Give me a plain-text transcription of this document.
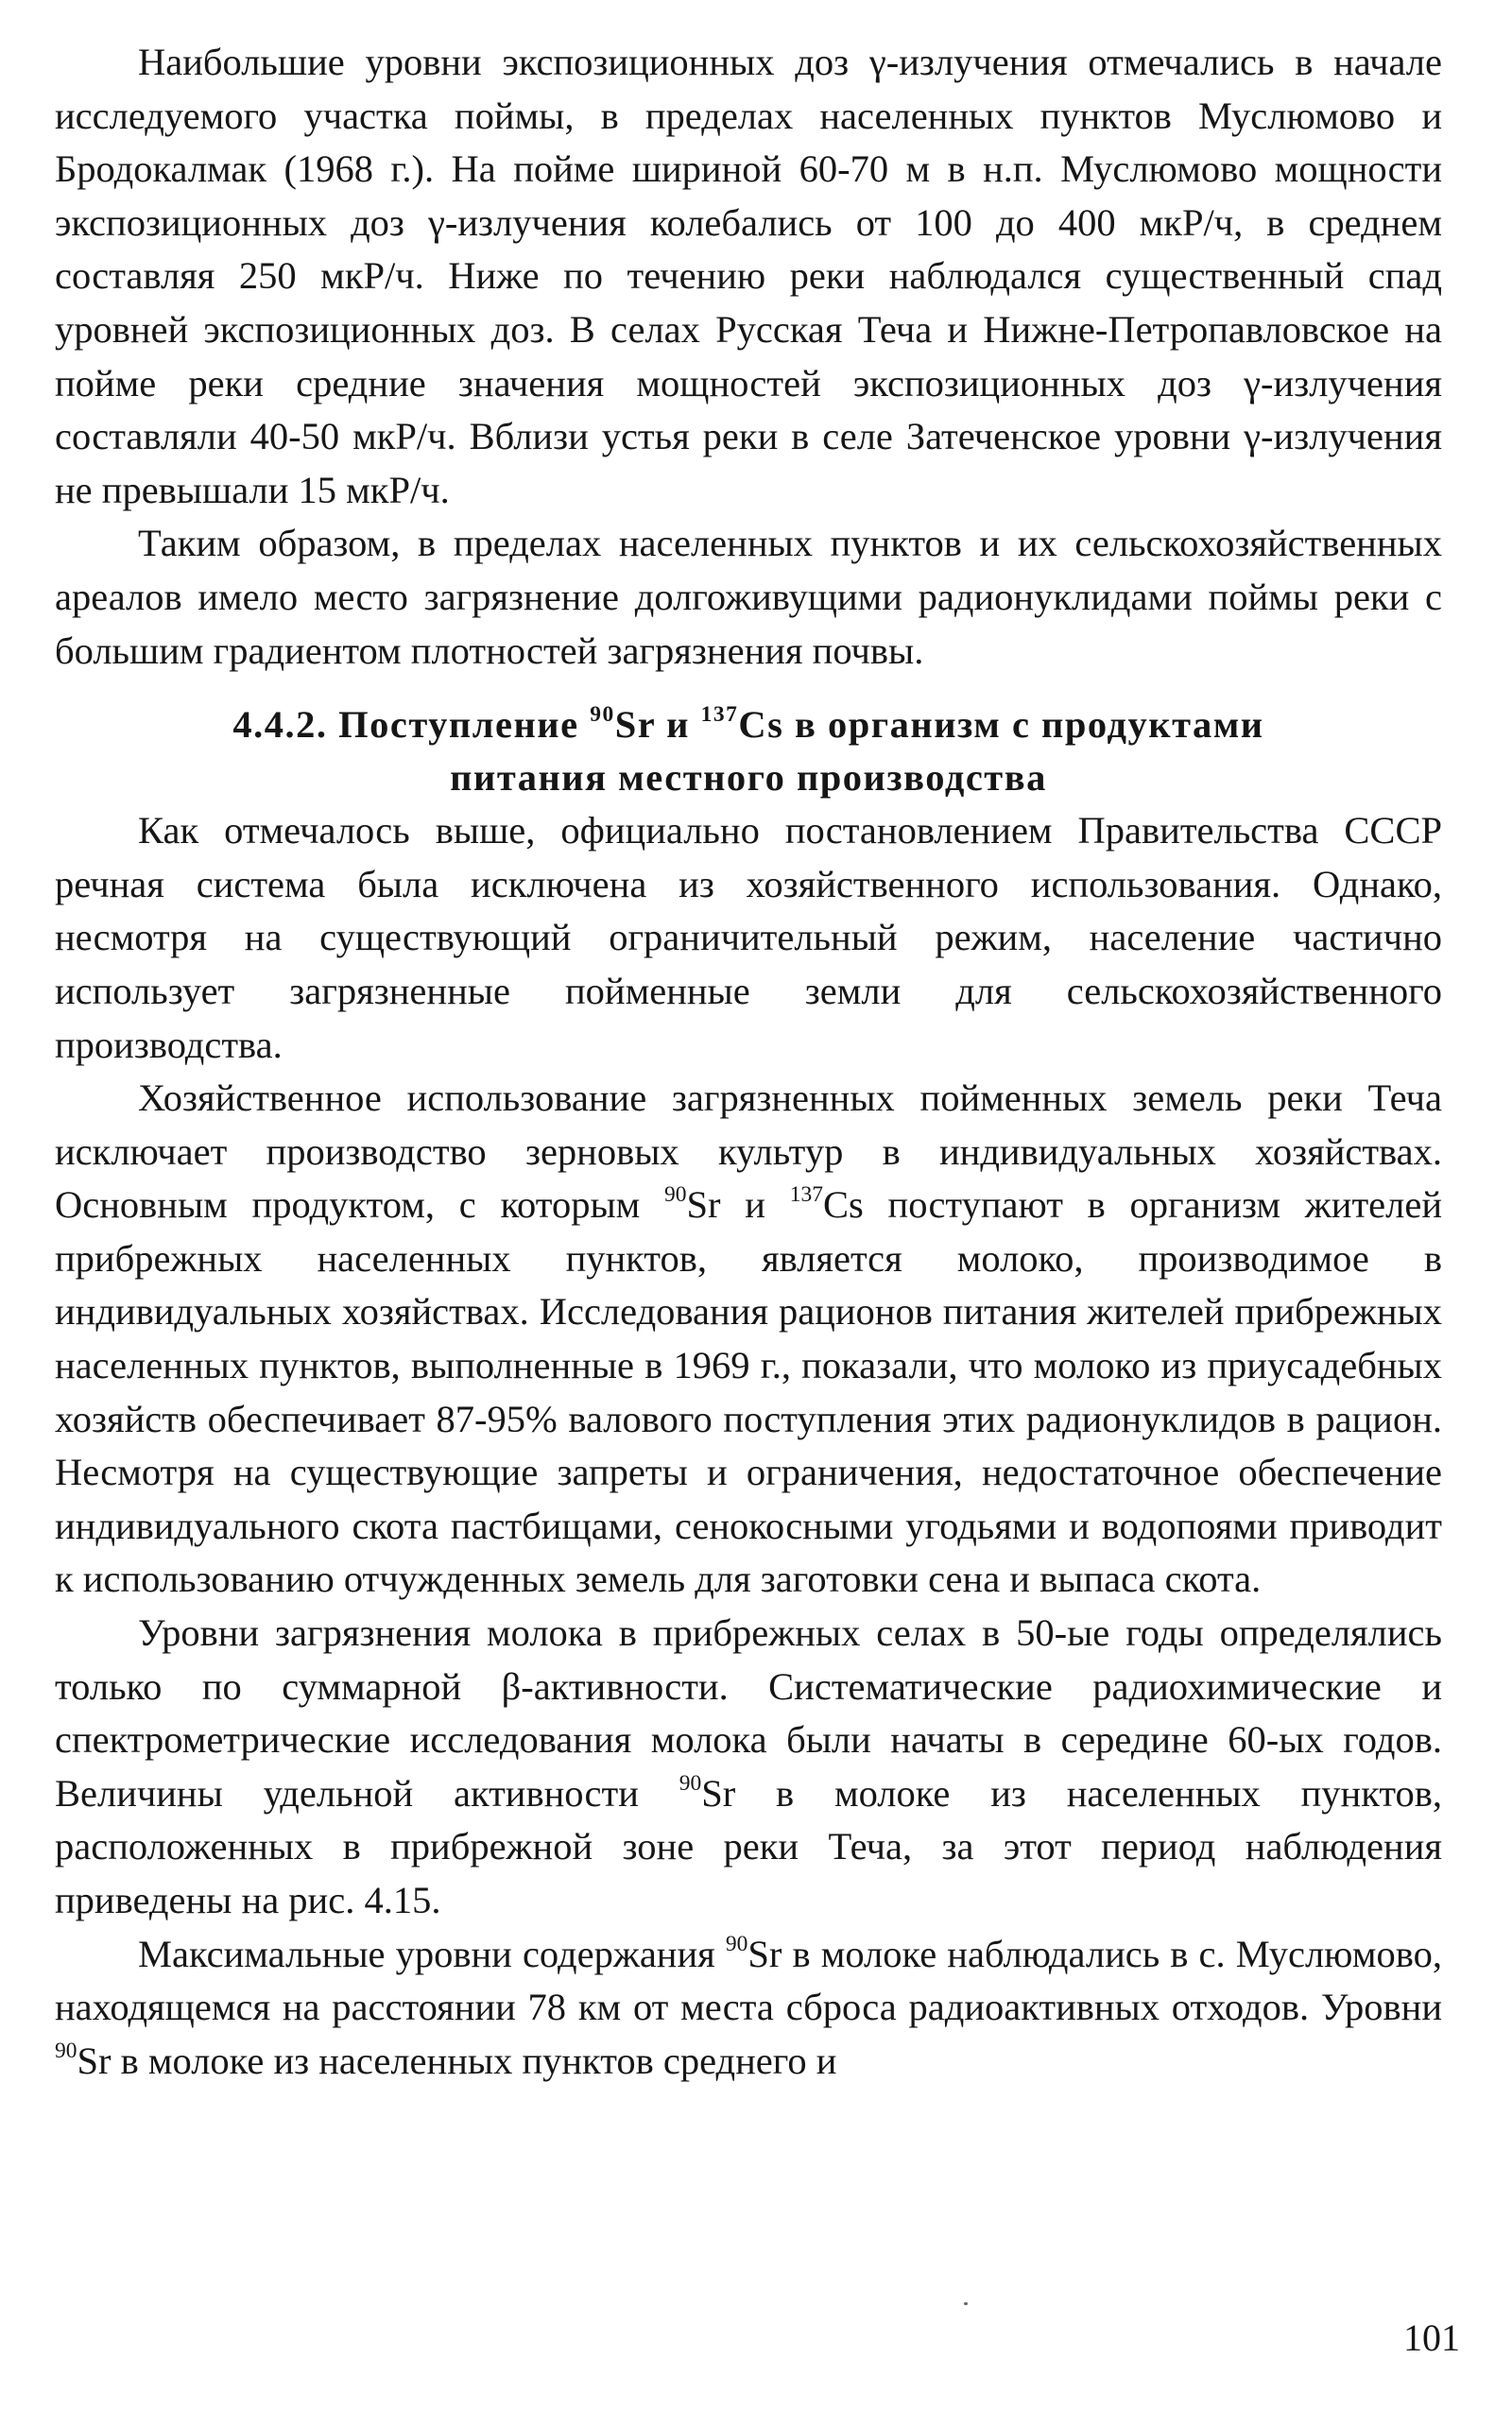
Наибольшие уровни экспозиционных доз γ-излучения отмечались в начале исследуемого участка поймы, в пределах населенных пунктов Муслюмово и Бродокалмак (1968 г.). На пойме шириной 60-70 м в н.п. Муслюмово мощности экспозиционных доз γ-излучения колебались от 100 до 400 мкР/ч, в среднем составляя 250 мкР/ч. Ниже по течению реки наблюдался существенный спад уровней экспозиционных доз. В селах Русская Теча и Нижне-Петропавловское на пойме реки средние значения мощностей экспозиционных доз γ-излучения составляли 40-50 мкР/ч. Вблизи устья реки в селе Затеченское уровни γ-излучения не превышали 15 мкР/ч.

Таким образом, в пределах населенных пунктов и их сельскохозяйственных ареалов имело место загрязнение долгоживущими радионуклидами поймы реки с большим градиентом плотностей загрязнения почвы.

4.4.2. Поступление $^{90}$Sr и $^{137}$Cs в организм с продуктами
питания местного производства

Как отмечалось выше, официально постановлением Правительства СССР речная система была исключена из хозяйственного использования. Однако, несмотря на существующий ограничительный режим, население частично использует загрязненные пойменные земли для сельскохозяйственного производства.

Хозяйственное использование загрязненных пойменных земель реки Теча исключает производство зерновых культур в индивидуальных хозяйствах. Основным продуктом, с которым $^{90}$Sr и $^{137}$Cs поступают в организм жителей прибрежных населенных пунктов, является молоко, производимое в индивидуальных хозяйствах. Исследования рационов питания жителей прибрежных населенных пунктов, выполненные в 1969 г., показали, что молоко из приусадебных хозяйств обеспечивает 87-95% валового поступления этих радионуклидов в рацион. Несмотря на существующие запреты и ограничения, недостаточное обеспечение индивидуального скота пастбищами, сенокосными угодьями и водопоями приводит к использованию отчужденных земель для заготовки сена и выпаса скота.

Уровни загрязнения молока в прибрежных селах в 50-ые годы определялись только по суммарной β-активности. Систематические радиохимические и спектрометрические исследования молока были начаты в середине 60-ых годов. Величины удельной активности $^{90}$Sr в молоке из населенных пунктов, расположенных в прибрежной зоне реки Теча, за этот период наблюдения приведены на рис. 4.15.

Максимальные уровни содержания $^{90}$Sr в молоке наблюдались в с. Муслюмово, находящемся на расстоянии 78 км от места сброса радиоактивных отходов. Уровни $^{90}$Sr в молоке из населенных пунктов среднего и

101
